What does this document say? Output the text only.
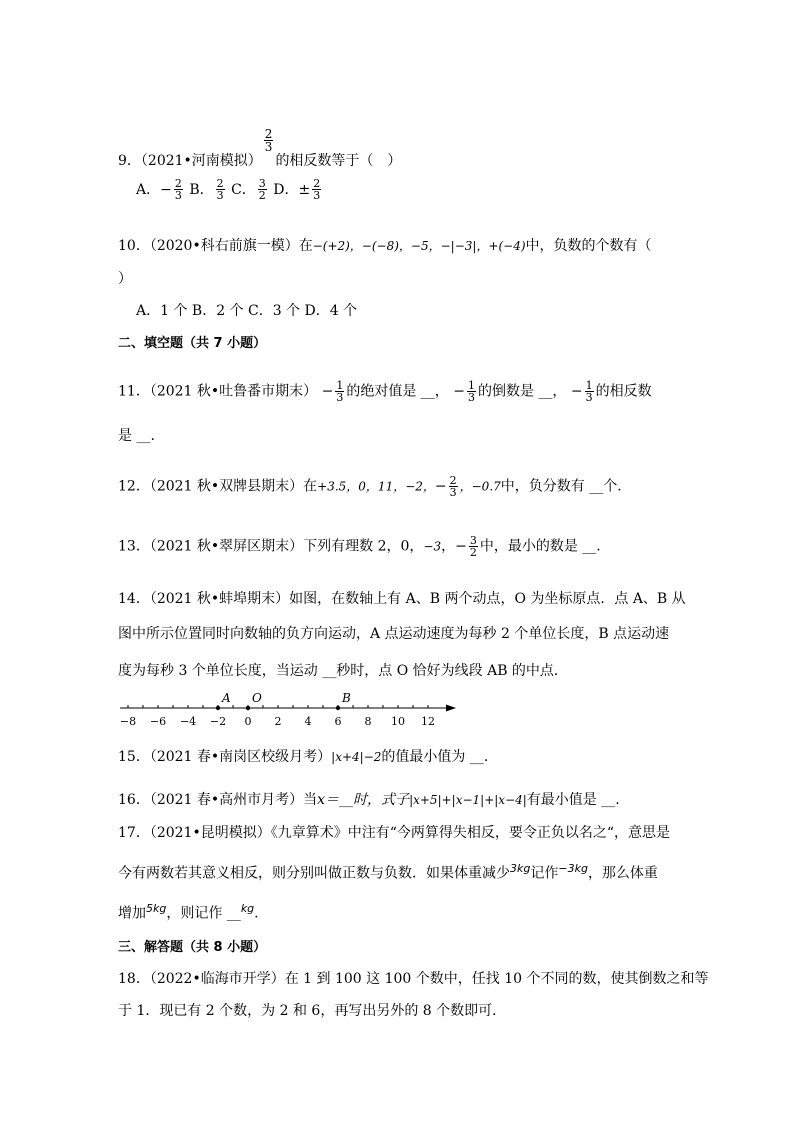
9．（2021•河南模拟）
$\frac{2}{3}$
的相反数等于（　）
A．− $\frac{2}{3}$ B． $\frac{2}{3}$ C． $\frac{3}{2}$ D．± $\frac{2}{3}$
10．（2020•科右前旗一模）在−(+2)，−(−8)，−5，−|−3|，+(−4)中，负数的个数有（
）
A．1 个 B．2 个 C．3 个 D．4 个
二、填空题（共 7 小题）
11．（2021 秋•吐鲁番市期末） − $\frac{1}{3}$ 的绝对值是 __， − $\frac{1}{3}$ 的倒数是 __， − $\frac{1}{3}$ 的相反数
是 __.
12．（2021 秋•双牌县期末）在+3.5，0，11，−2，− $\frac{2}{3}$ ，−0.7中，负分数有 __个.
13．（2021 秋•翠屏区期末）下列有理数 2，0，−3，− $\frac{3}{2}$ 中，最小的数是 __.
14．（2021 秋•蚌埠期末）如图，在数轴上有 A、B 两个动点，O 为坐标原点．点 A、B 从
图中所示位置同时向数轴的负方向运动，A 点运动速度为每秒 2 个单位长度，B 点运动速
度为每秒 3 个单位长度，当运动 __秒时，点 O 恰好为线段 AB 的中点．
−8 −6 −4 −2 0 2 4 6 8 10 12
A O	B
15．（2021 春•南岗区校级月考）|x+4|−2的值最小值为 __.
16．（2021 春•高州市月考）当x＝__时，式子|x+5|+|x−1|+|x−4|有最小值是 __.
17．（2021•昆明模拟）《九章算术》中注有“今两算得失相反，要令正负以名之“，意思是
今有两数若其意义相反，则分别叫做正数与负数．如果体重减少$^{3kg}$记作$^{-3kg}$，那么体重
增加$^{5kg}$，则记作 __$^{kg}$.
三、解答题（共 8 小题）
18．（2022•临海市开学）在 1 到 100 这 100 个数中，任找 10 个不同的数，使其倒数之和等
于 1．现已有 2 个数，为 2 和 6，再写出另外的 8 个数即可．
